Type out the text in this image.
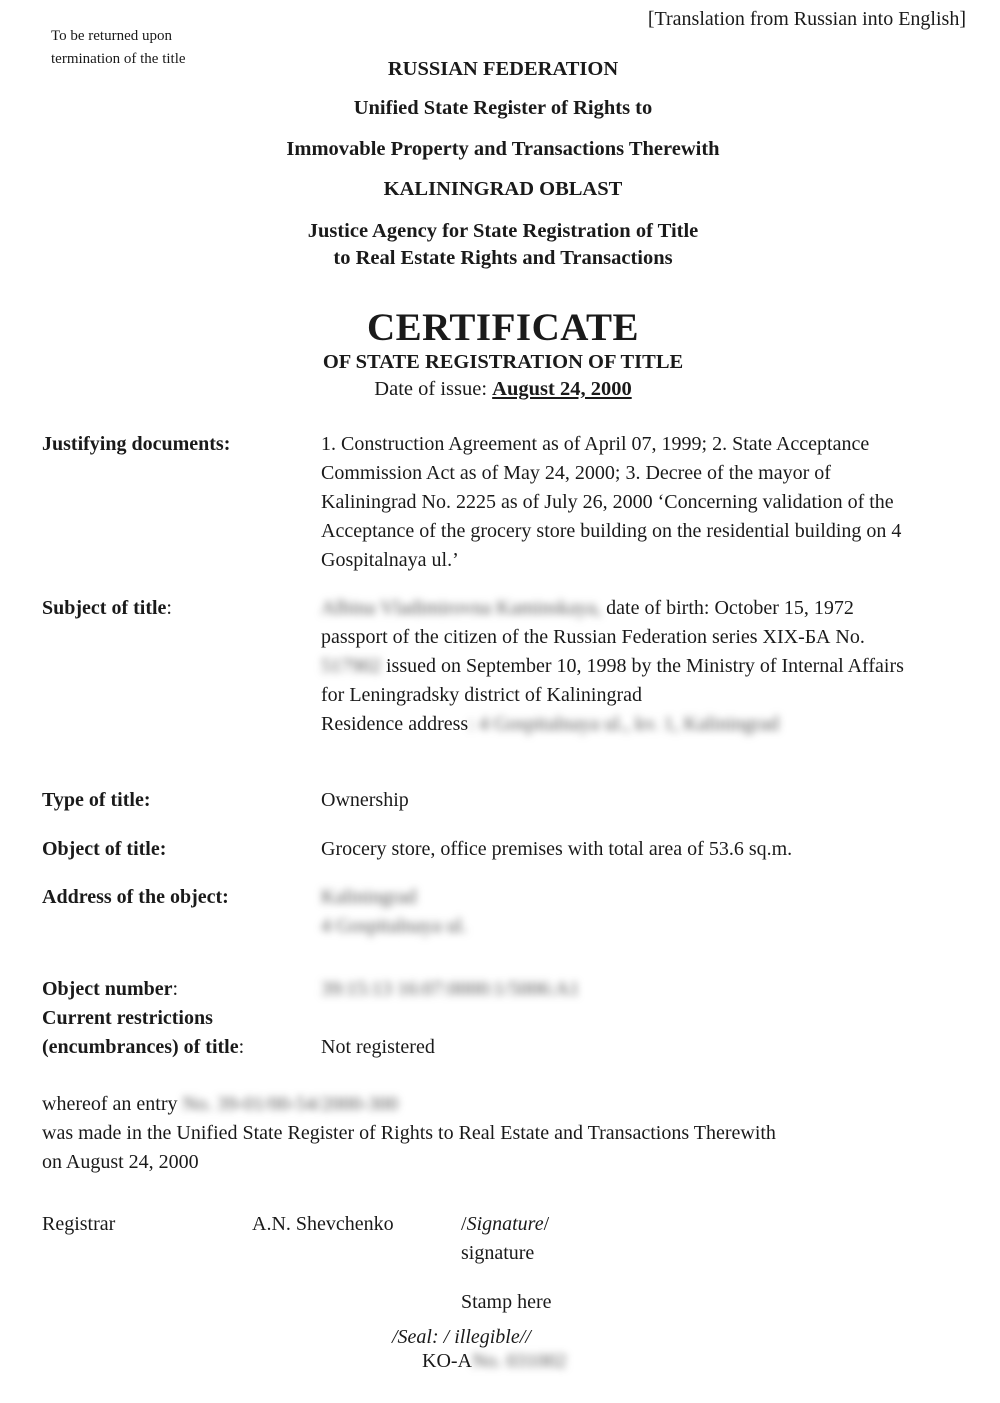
To be returned upon
termination of the title
[Translation from Russian into English]
RUSSIAN FEDERATION
Unified State Register of Rights to
Immovable Property and Transactions Therewith
KALININGRAD OBLAST
Justice Agency for State Registration of Title
to Real Estate Rights and Transactions
CERTIFICATE
OF STATE REGISTRATION OF TITLE
Date of issue: August 24, 2000
Justifying documents:	1. Construction Agreement as of April 07, 1999; 2. State Acceptance
Commission Act as of May 24, 2000; 3. Decree of the mayor of
Kaliningrad No. 2225 as of July 26, 2000 ‘Concerning validation of the
Acceptance of the grocery store building on the residential building on 4
Gospitalnaya ul.’
Subject of title:	Albina Vladimirovna Kaminskaya, date of birth: October 15, 1972
passport of the citizen of the Russian Federation series XIX-БА No.
517902 issued on September 10, 1998 by the Ministry of Internal Affairs
for Leningradsky district of Kaliningrad
Residence address: 4 Gospitalnaya ul., kv. 1, Kaliningrad
Type of title:	Ownership
Object of title:	Grocery store, office premises with total area of 53.6 sq.m.
Address of the object:	Kaliningrad
4 Gospitalnaya ul.
Object number:	39:15:13 16:07:0000:1/5006:А1
Current restrictions
(encumbrances) of title:	Not registered
whereof an entry No. 39-01/00-54/2000-300
was made in the Unified State Register of Rights to Real Estate and Transactions Therewith
on August 24, 2000
Registrar	A.N. Shevchenko	/Signature/
signature
Stamp here
/Seal: / illegible//
KO-ANo. 031002
